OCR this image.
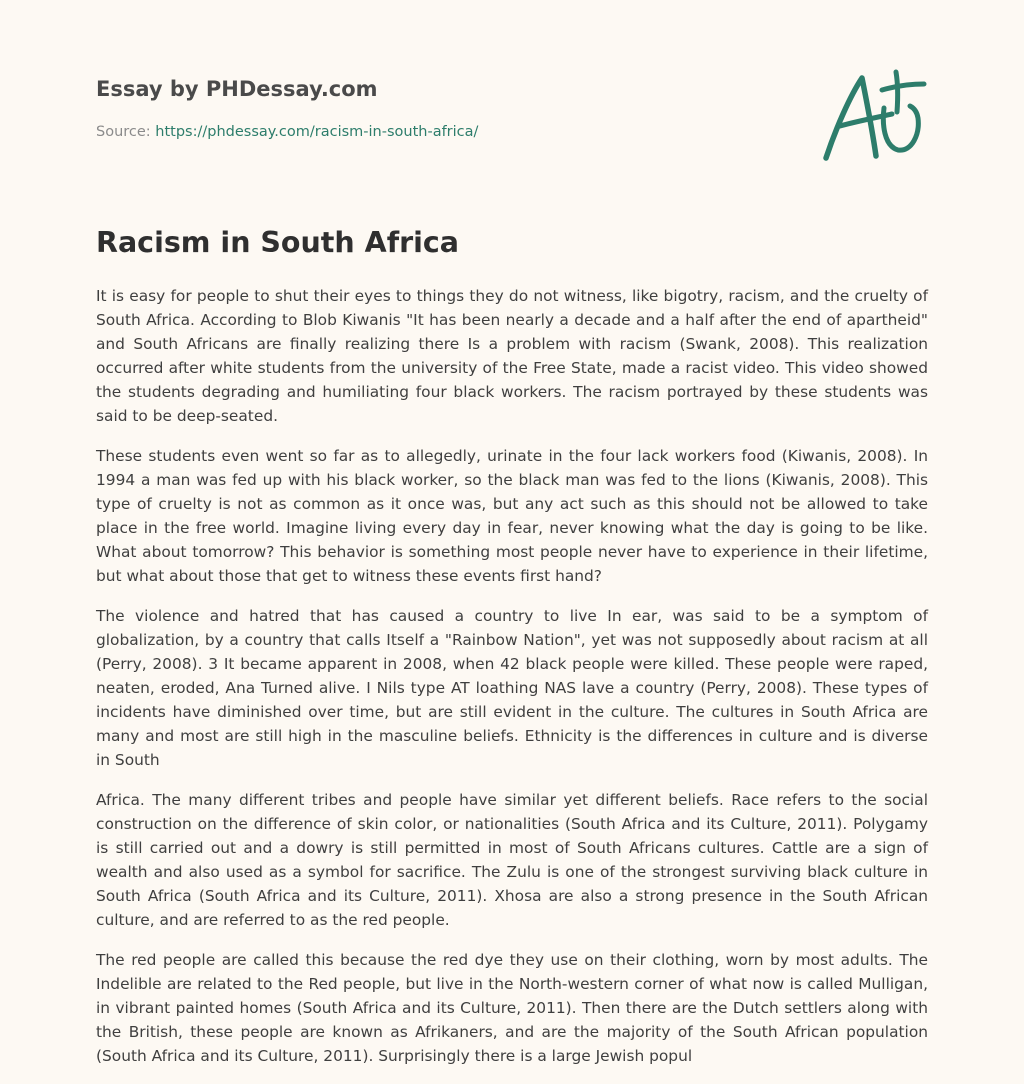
Essay by PHDessay.com
Source: https://phdessay.com/racism-in-south-africa/
Racism in South Africa

It is easy for people to shut their eyes to things they do not witness, like bigotry, racism, and the cruelty of South Africa. According to Blob Kiwanis "It has been nearly a decade and a half after the end of apartheid" and South Africans are finally realizing there Is a problem with racism (Swank, 2008). This realization occurred after white students from the university of the Free State, made a racist video. This video showed the students degrading and humiliating four black workers. The racism portrayed by these students was said to be deep-seated.

These students even went so far as to allegedly, urinate in the four lack workers food (Kiwanis, 2008). In 1994 a man was fed up with his black worker, so the black man was fed to the lions (Kiwanis, 2008). This type of cruelty is not as common as it once was, but any act such as this should not be allowed to take place in the free world. Imagine living every day in fear, never knowing what the day is going to be like. What about tomorrow? This behavior is something most people never have to experience in their lifetime, but what about those that get to witness these events first hand?

The violence and hatred that has caused a country to live In ear, was said to be a symptom of globalization, by a country that calls Itself a "Rainbow Nation", yet was not supposedly about racism at all (Perry, 2008). 3 It became apparent in 2008, when 42 black people were killed. These people were raped, neaten, eroded, Ana Turned alive. I Nils type AT loathing NAS lave a country (Perry, 2008). These types of incidents have diminished over time, but are still evident in the culture. The cultures in South Africa are many and most are still high in the masculine beliefs. Ethnicity is the differences in culture and is diverse in South

Africa. The many different tribes and people have similar yet different beliefs. Race refers to the social construction on the difference of skin color, or nationalities (South Africa and its Culture, 2011). Polygamy is still carried out and a dowry is still permitted in most of South Africans cultures. Cattle are a sign of wealth and also used as a symbol for sacrifice. The Zulu is one of the strongest surviving black culture in South Africa (South Africa and its Culture, 2011). Xhosa are also a strong presence in the South African culture, and are referred to as the red people.

The red people are called this because the red dye they use on their clothing, worn by most adults. The Indelible are related to the Red people, but live in the North-western corner of what now is called Mulligan, in vibrant painted homes (South Africa and its Culture, 2011). Then there are the Dutch settlers along with the British, these people are known as Afrikaners, and are the majority of the South African population (South Africa and its Culture, 2011). Surprisingly there is a large Jewish popul
